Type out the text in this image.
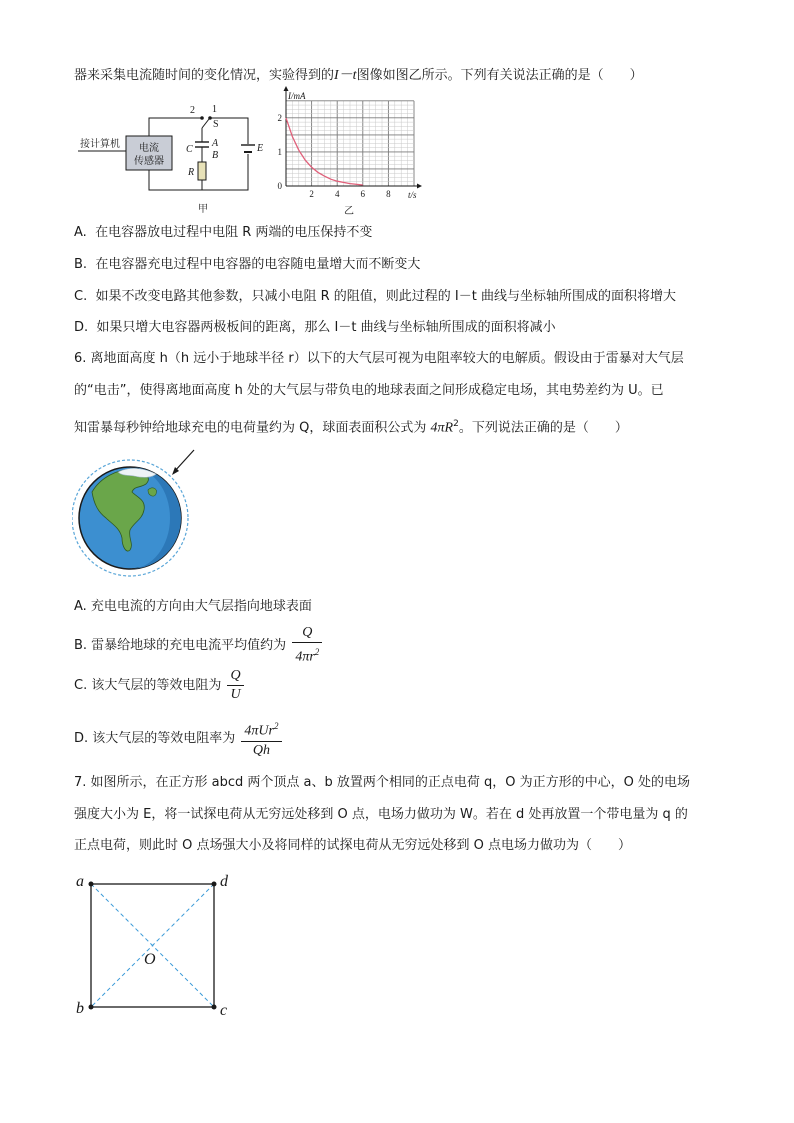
器来采集电流随时间的变化情况，实验得到的I－t图像如图乙所示。下列有关说法正确的是（　　）
接计算机 电流
传感器
2 1
S
A
B
C
R
E
甲
2 4 6 8
2
1
0
I/mA
t/s
乙
A. 在电容器放电过程中电阻 R 两端的电压保持不变
B. 在电容器充电过程中电容器的电容随电量增大而不断变大
C. 如果不改变电路其他参数，只减小电阻 R 的阻值，则此过程的 I－t 曲线与坐标轴所围成的面积将增大
D. 如果只增大电容器两极板间的距离，那么 I－t 曲线与坐标轴所围成的面积将减小
6. 离地面高度 h（h 远小于地球半径 r）以下的大气层可视为电阻率较大的电解质。假设由于雷暴对大气层
的“电击”，使得离地面高度 h 处的大气层与带负电的地球表面之间形成稳定电场，其电势差约为 U。已
知雷暴每秒钟给地球充电的电荷量约为 Q，球面表面积公式为 $4\pi R^2$。下列说法正确的是（　　）
A. 充电电流的方向由大气层指向地球表面
B. 雷暴给地球的充电电流平均值约为 $\frac{Q}{4\pi r^2}$
C. 该大气层的等效电阻为 $\frac{Q}{U}$
D. 该大气层的等效电阻率为 $\frac{4\pi Ur^2}{Qh}$
7. 如图所示，在正方形 abcd 两个顶点 a、b 放置两个相同的正点电荷 q，O 为正方形的中心，O 处的电场
强度大小为 E，将一试探电荷从无穷远处移到 O 点，电场力做功为 W。若在 d 处再放置一个带电量为 q 的
正点电荷，则此时 O 点场强大小及将同样的试探电荷从无穷远处移到 O 点电场力做功为（　　）
a	d
b	c
O
